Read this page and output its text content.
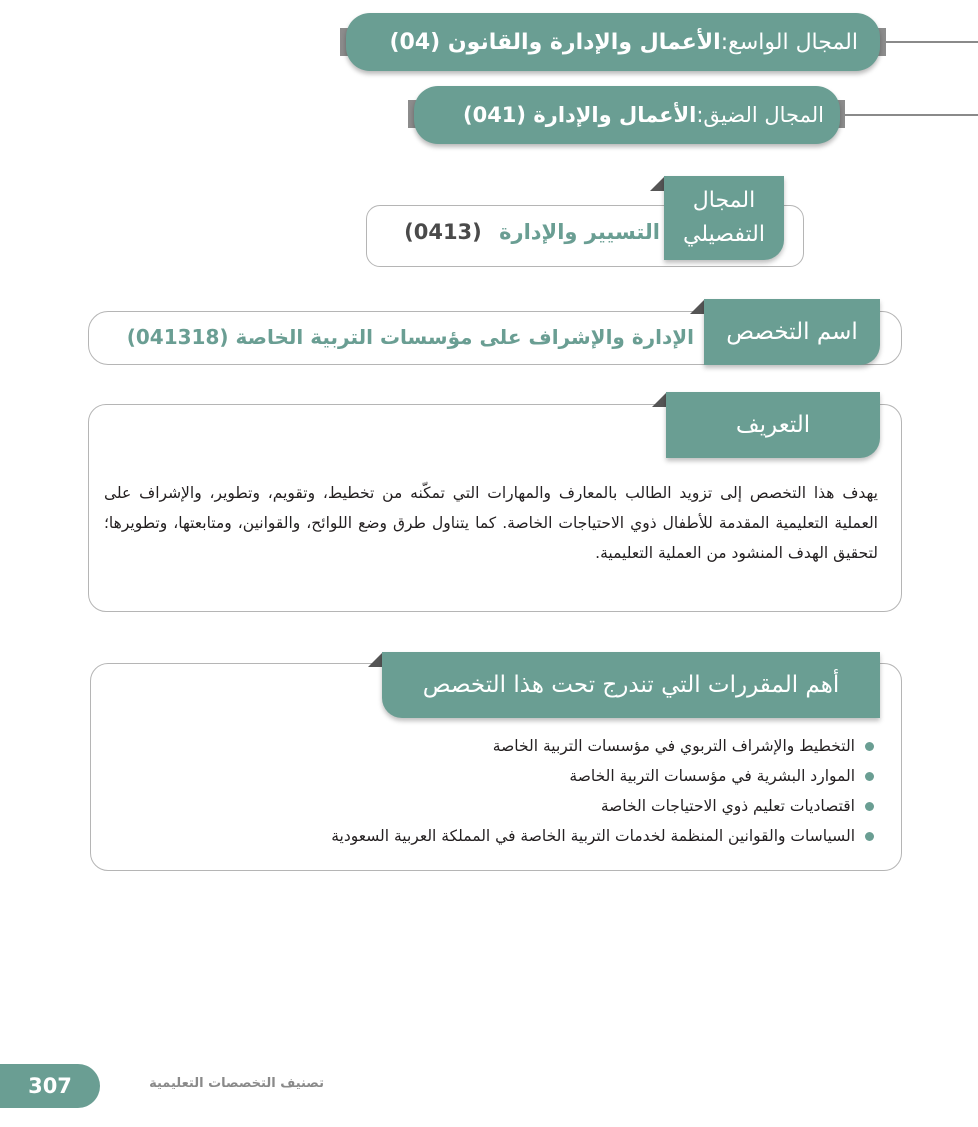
المجال الواسع:
الأعمال والإدارة والقانون (04)
المجال الضيق:
الأعمال والإدارة (041)
التسيير والإدارة (0413)
المجال
التفصيلي
الإدارة والإشراف على مؤسسات التربية الخاصة (041318) اسم التخصص
التعريف
يهدف هذا التخصص إلى تزويد الطالب بالمعارف والمهارات التي تمكّنه من تخطيط، وتقويم، وتطوير، والإشراف على العملية التعليمية المقدمة للأطفال ذوي الاحتياجات الخاصة. كما يتناول طرق وضع اللوائح، والقوانين، ومتابعتها، وتطويرها؛ لتحقيق الهدف المنشود من العملية التعليمية.
أهم المقررات التي تندرج تحت هذا التخصص
التخطيط والإشراف التربوي في مؤسسات التربية الخاصة
الموارد البشرية في مؤسسات التربية الخاصة
اقتصاديات تعليم ذوي الاحتياجات الخاصة
السياسات والقوانين المنظمة لخدمات التربية الخاصة في المملكة العربية السعودية
307	تصنيف التخصصات التعليمية
